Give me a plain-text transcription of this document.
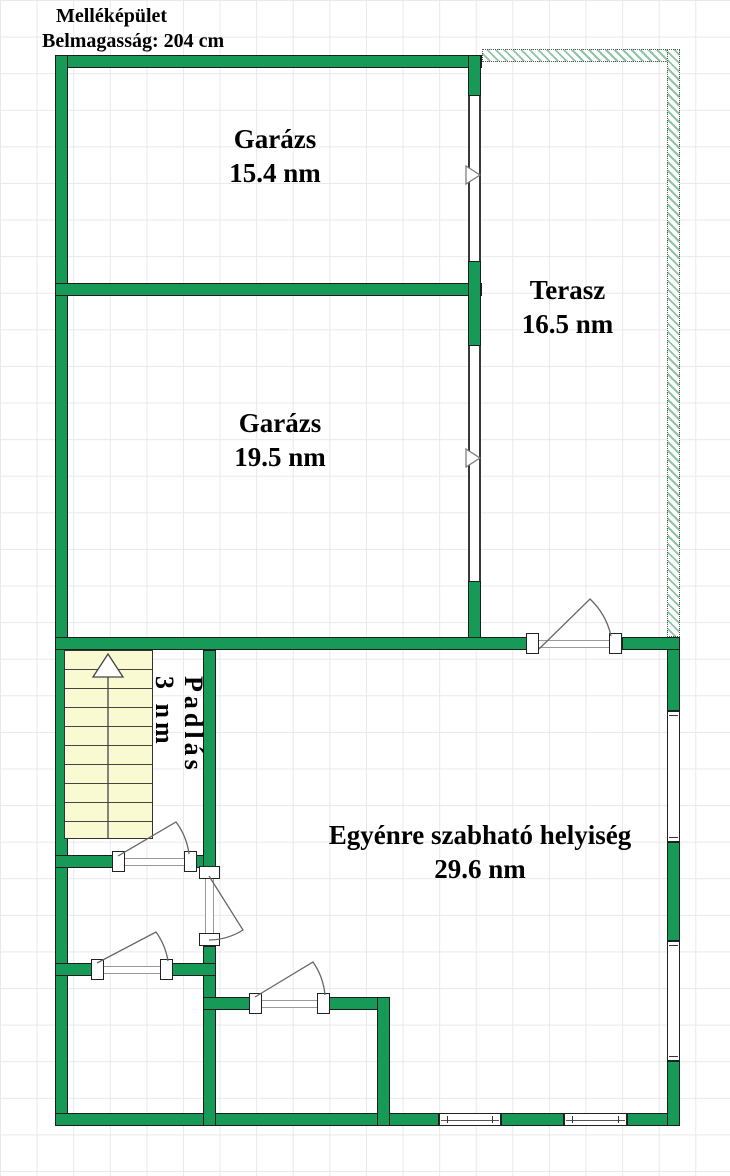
Melléképület
Belmagasság: 204 cm
Garázs
15.4 nm
Terasz
16.5 nm
Garázs
19.5 nm
Padlás
3 nm
Egyénre szabható helyiség
29.6 nm
